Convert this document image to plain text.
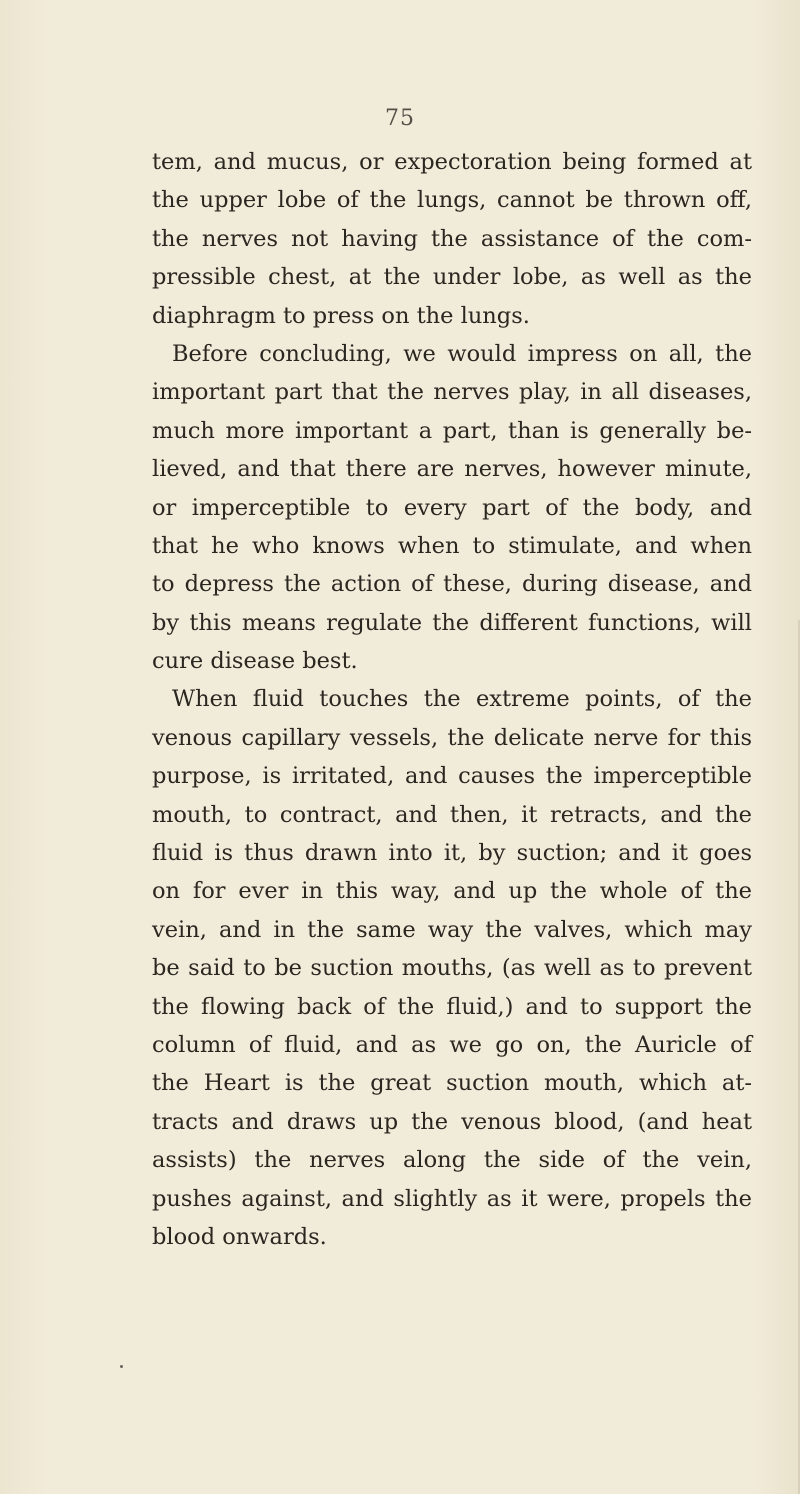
75
tem, and mucus, or expectoration being formed at
the upper lobe of the lungs, cannot be thrown off,
the nerves not having the assistance of the com-
pressible chest, at the under lobe, as well as the
diaphragm to press on the lungs.
Before concluding, we would impress on all, the
important part that the nerves play, in all diseases,
much more important a part, than is generally be-
lieved, and that there are nerves, however minute,
or imperceptible to every part of the body, and
that he who knows when to stimulate, and when
to depress the action of these, during disease, and
by this means regulate the different functions, will
cure disease best.
When fluid touches the extreme points, of the
venous capillary vessels, the delicate nerve for this
purpose, is irritated, and causes the imperceptible
mouth, to contract, and then, it retracts, and the
fluid is thus drawn into it, by suction; and it goes
on for ever in this way, and up the whole of the
vein, and in the same way the valves, which may
be said to be suction mouths, (as well as to prevent
the flowing back of the fluid,) and to support the
column of fluid, and as we go on, the Auricle of
the Heart is the great suction mouth, which at-
tracts and draws up the venous blood, (and heat
assists) the nerves along the side of the vein,
pushes against, and slightly as it were, propels the
blood onwards.
